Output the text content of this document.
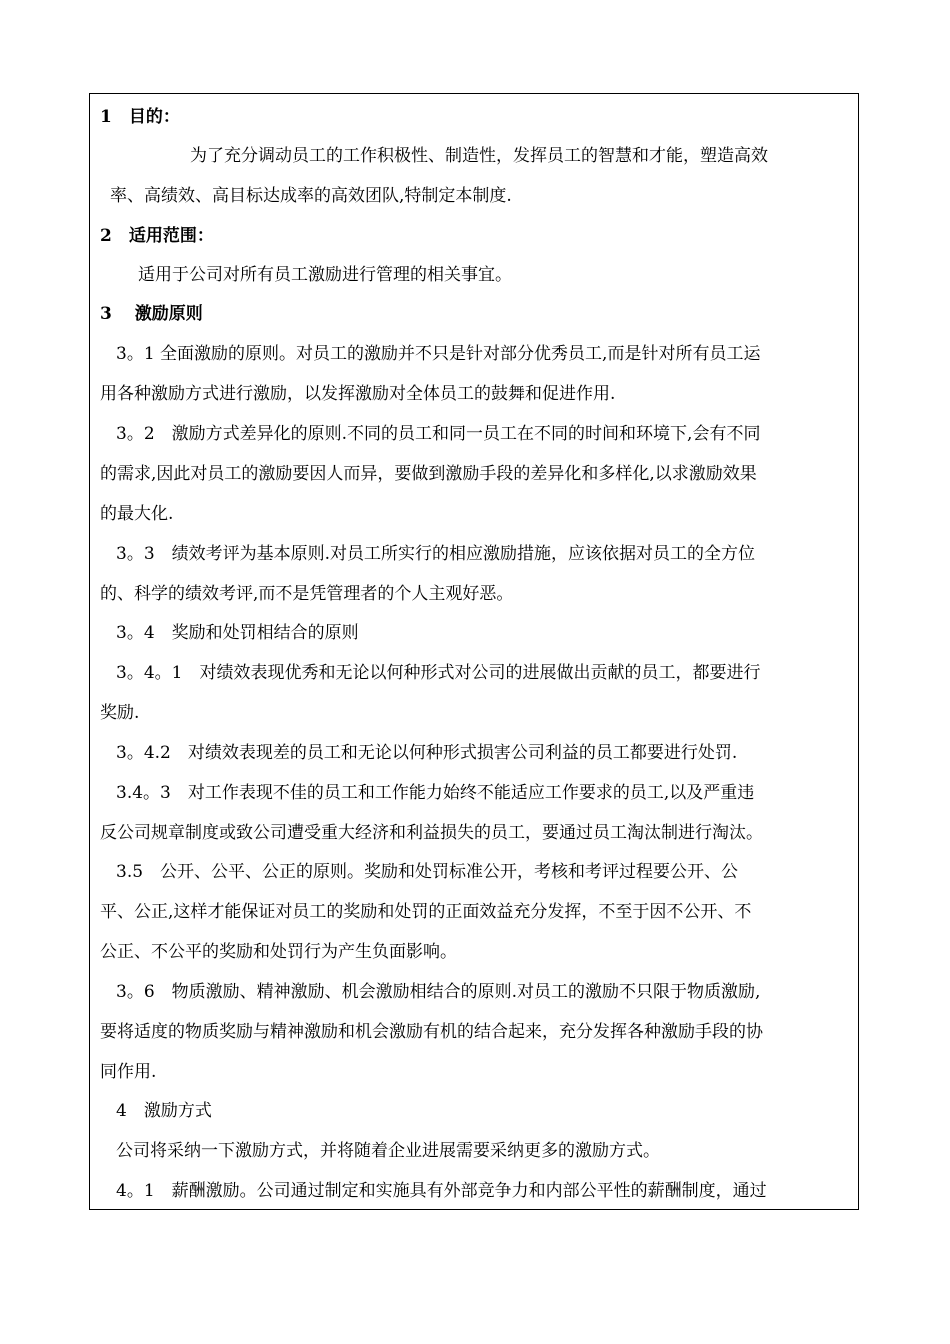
1　目的：
为了充分调动员工的工作积极性、制造性，发挥员工的智慧和才能，塑造高效
率、高绩效、高目标达成率的高效团队,特制定本制度.
2　适用范围：
适用于公司对所有员工激励进行管理的相关事宜。
3　 激励原则
3。1 全面激励的原则。对员工的激励并不只是针对部分优秀员工,而是针对所有员工运
用各种激励方式进行激励，以发挥激励对全体员工的鼓舞和促进作用.
3。2　激励方式差异化的原则.不同的员工和同一员工在不同的时间和环境下,会有不同
的需求,因此对员工的激励要因人而异，要做到激励手段的差异化和多样化,以求激励效果
的最大化.
3。3　绩效考评为基本原则.对员工所实行的相应激励措施，应该依据对员工的全方位
的、科学的绩效考评,而不是凭管理者的个人主观好恶。
3。4　奖励和处罚相结合的原则
3。4。1　对绩效表现优秀和无论以何种形式对公司的进展做出贡献的员工，都要进行
奖励.
3。4.2　对绩效表现差的员工和无论以何种形式损害公司利益的员工都要进行处罚.
3.4。3　对工作表现不佳的员工和工作能力始终不能适应工作要求的员工,以及严重违
反公司规章制度或致公司遭受重大经济和利益损失的员工，要通过员工淘汰制进行淘汰。
3.5　公开、公平、公正的原则。奖励和处罚标准公开，考核和考评过程要公开、公
平、公正,这样才能保证对员工的奖励和处罚的正面效益充分发挥，不至于因不公开、不
公正、不公平的奖励和处罚行为产生负面影响。
3。6　物质激励、精神激励、机会激励相结合的原则.对员工的激励不只限于物质激励,
要将适度的物质奖励与精神激励和机会激励有机的结合起来，充分发挥各种激励手段的协
同作用.
4　激励方式
公司将采纳一下激励方式，并将随着企业进展需要采纳更多的激励方式。
4。1　薪酬激励。公司通过制定和实施具有外部竞争力和内部公平性的薪酬制度，通过
